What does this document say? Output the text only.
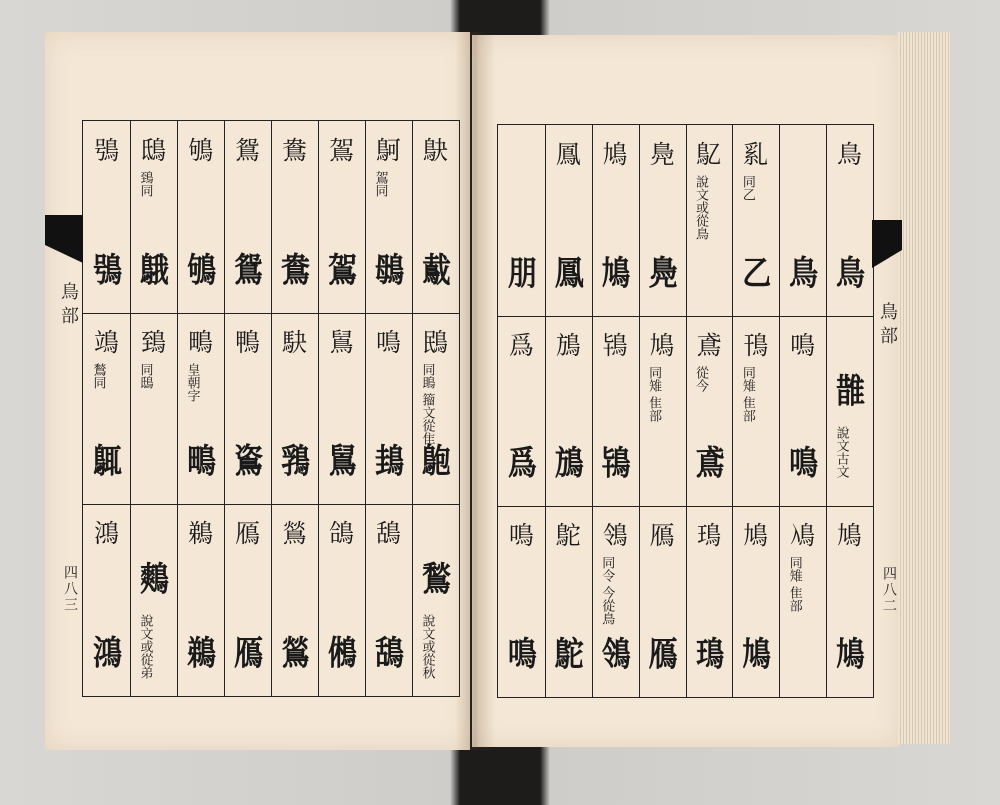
鳥部
四八三
鴃
䳒
鴖
同鴡 籀文從隹
䳈
說文或從秋
鶖
鴚
鴐同
䳇
鳴
䳏
鴰
鴰
鴐
鴐
䳔
䳔
鴿
鵂
鴦
鴦
駃
䳕
鶑
鶑
鴛
鴛
鴨
䳐
鴈
鴈
鴝
鴝
鴫
皇朝字
鴫
鵜
鵜
鴟
鵄同
䳘
鵄
同鴟
說文或從弟
鷞
鴞
鴞
鴗
鶖同
䳖
鴻
鴻
鳥部
四八二
鳥
鳥
說文古文
䧿
鳩
鳩
鳥
鳴
鳴
鳰
同雉 隹部
乿
同乙
乙
鳱
同雉 隹部
鳩
鳩
鳦
說文或從鳥
鳶
從今
鳶
鳿
鳿
鳧
鳧
鳩
同雉 隹部
鴈
鴈
鳩
鳩
鴇
鴇
鴒
同令 今從鳥
鴒
鳳
鳳
鴋
鴋
鴕
鴕
朋
爲
爲
鳴
鳴
